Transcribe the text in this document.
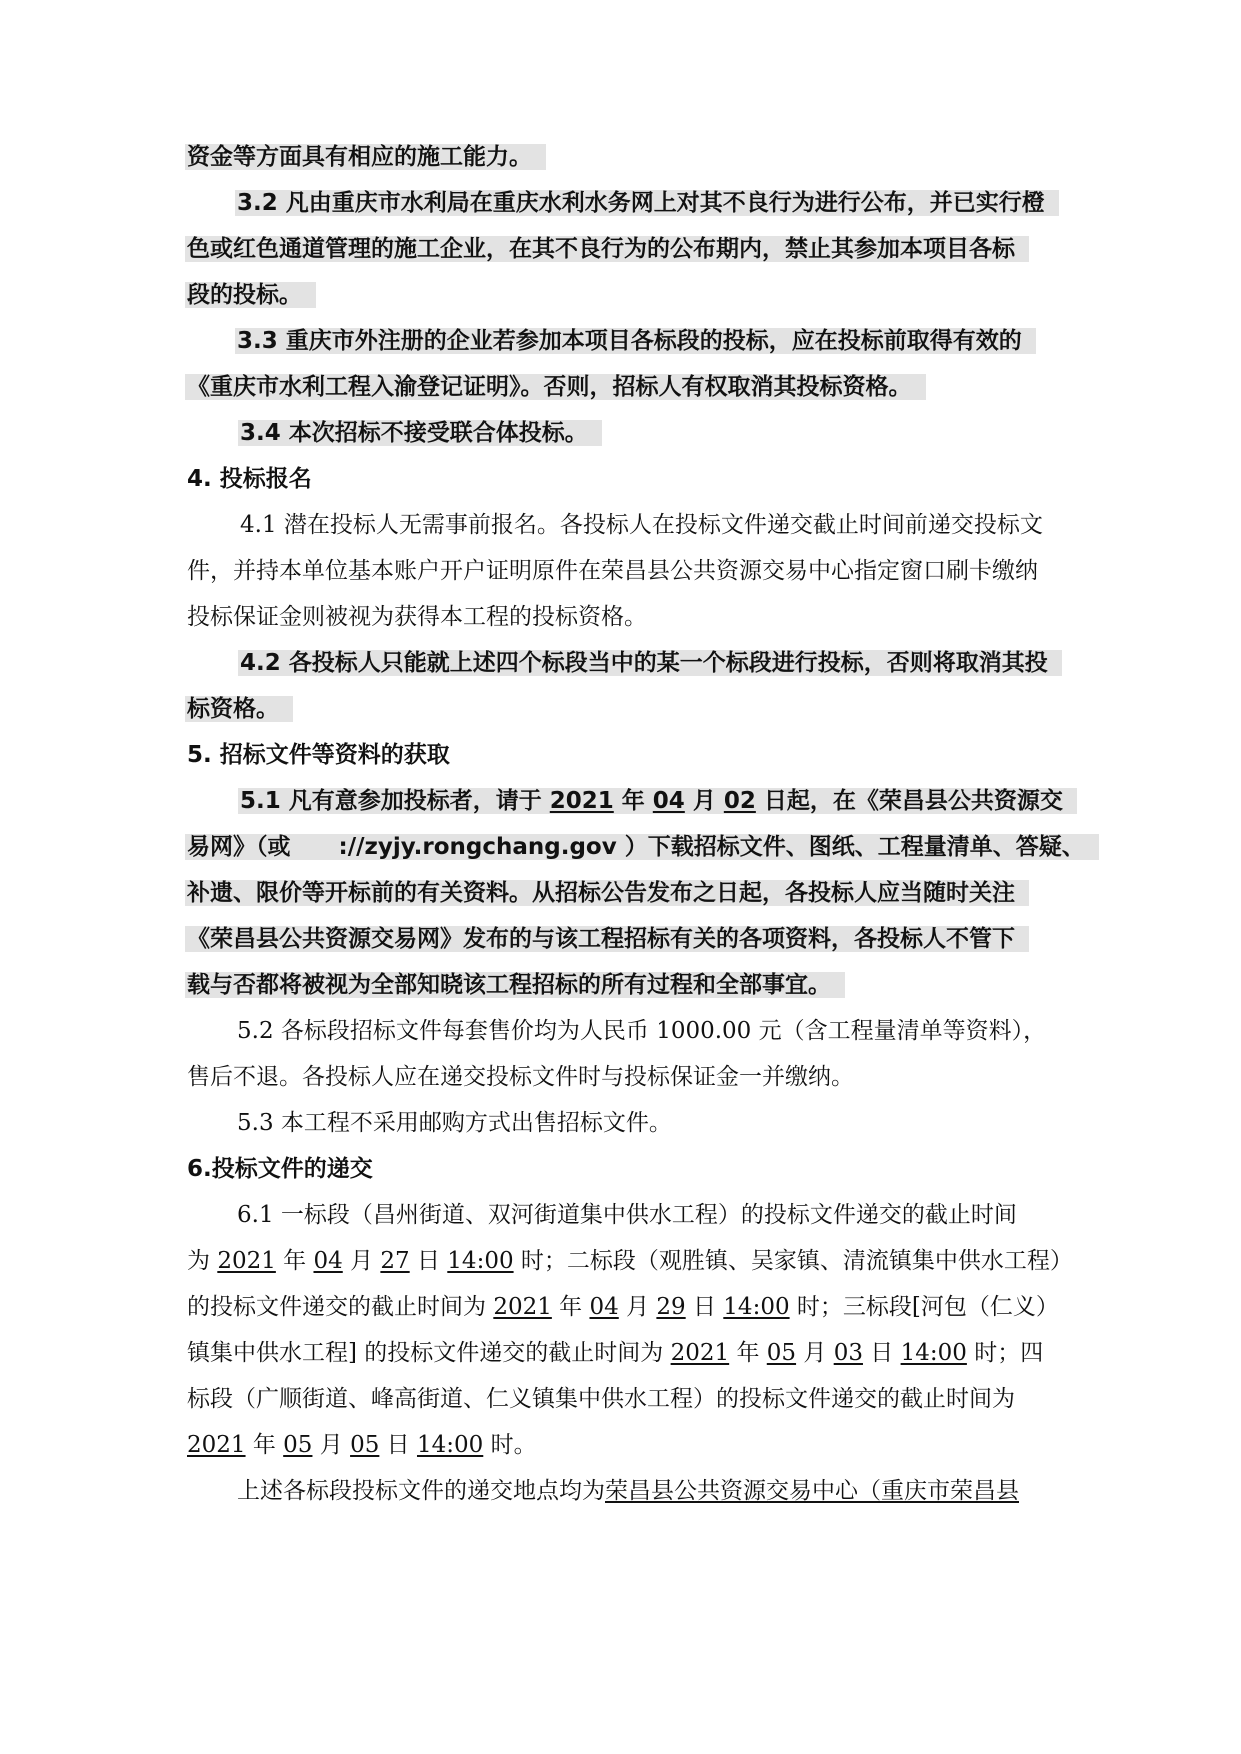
资金等方面具有相应的施工能力。
3.2 凡由重庆市水利局在重庆水利水务网上对其不良行为进行公布，并已实行橙
色或红色通道管理的施工企业，在其不良行为的公布期内，禁止其参加本项目各标
段的投标。
3.3 重庆市外注册的企业若参加本项目各标段的投标，应在投标前取得有效的
《重庆市水利工程入渝登记证明》。否则，招标人有权取消其投标资格。
3.4 本次招标不接受联合体投标。
4. 投标报名
4.1 潜在投标人无需事前报名。各投标人在投标文件递交截止时间前递交投标文
件，并持本单位基本账户开户证明原件在荣昌县公共资源交易中心指定窗口刷卡缴纳
投标保证金则被视为获得本工程的投标资格。
4.2 各投标人只能就上述四个标段当中的某一个标段进行投标，否则将取消其投
标资格。
5. 招标文件等资料的获取
5.1 凡有意参加投标者，请于 2021 年 04 月 02 日起，在《荣昌县公共资源交
易网》（或 ://zyjy.rongchang.gov ）下载招标文件、图纸、工程量清单、答疑、
补遗、限价等开标前的有关资料。从招标公告发布之日起，各投标人应当随时关注
《荣昌县公共资源交易网》发布的与该工程招标有关的各项资料，各投标人不管下
载与否都将被视为全部知晓该工程招标的所有过程和全部事宜。
5.2 各标段招标文件每套售价均为人民币 1000.00 元（含工程量清单等资料），
售后不退。各投标人应在递交投标文件时与投标保证金一并缴纳。
5.3 本工程不采用邮购方式出售招标文件。
6.投标文件的递交
6.1 一标段（昌州街道、双河街道集中供水工程）的投标文件递交的截止时间
为 2021 年 04 月 27 日 14:00 时；二标段（观胜镇、吴家镇、清流镇集中供水工程）
的投标文件递交的截止时间为 2021 年 04 月 29 日 14:00 时；三标段[河包（仁义）
镇集中供水工程] 的投标文件递交的截止时间为 2021 年 05 月 03 日 14:00 时；四
标段（广顺街道、峰高街道、仁义镇集中供水工程）的投标文件递交的截止时间为
2021 年 05 月 05 日 14:00 时。
上述各标段投标文件的递交地点均为荣昌县公共资源交易中心（重庆市荣昌县
